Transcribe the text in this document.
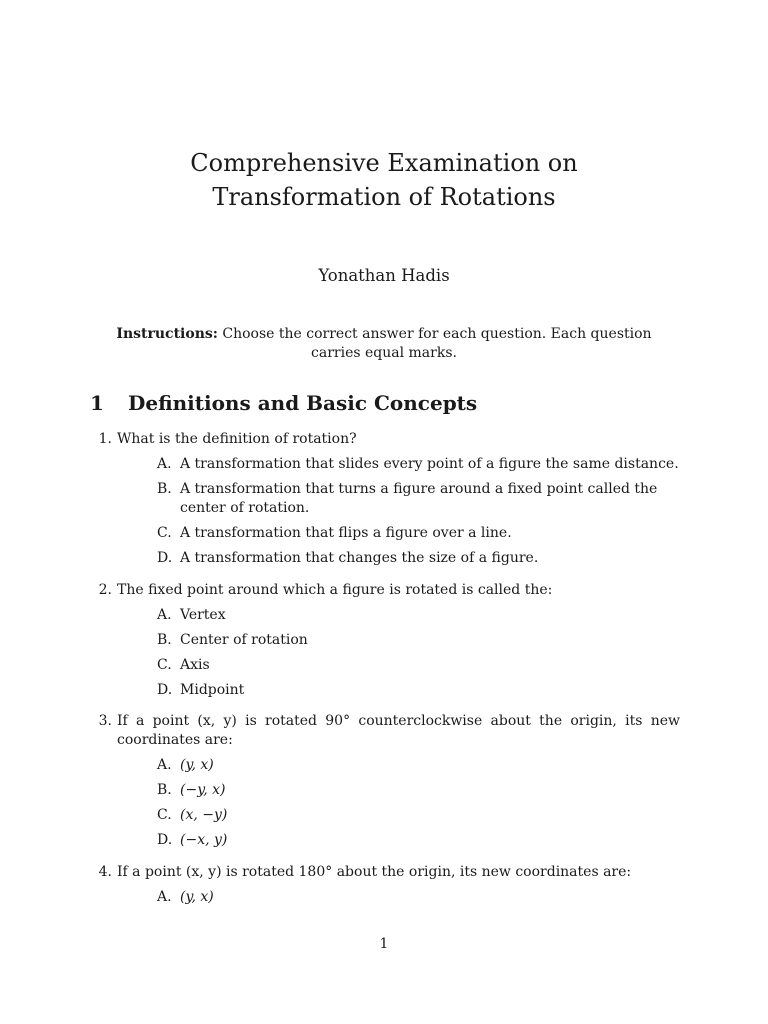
Comprehensive Examination on Transformation of Rotations
Yonathan Hadis
Instructions: Choose the correct answer for each question. Each question carries equal marks.
1 Definitions and Basic Concepts
1. What is the definition of rotation?
A. A transformation that slides every point of a figure the same distance.
B. A transformation that turns a figure around a fixed point called the center of rotation.
C. A transformation that flips a figure over a line.
D. A transformation that changes the size of a figure.
2. The fixed point around which a figure is rotated is called the:
A. Vertex
B. Center of rotation
C. Axis
D. Midpoint
3. If a point (x, y) is rotated 90° counterclockwise about the origin, its new coordinates are:
A. (y, x)
B. (−y, x)
C. (x, −y)
D. (−x, y)
4. If a point (x, y) is rotated 180° about the origin, its new coordinates are:
A. (y, x)
1
